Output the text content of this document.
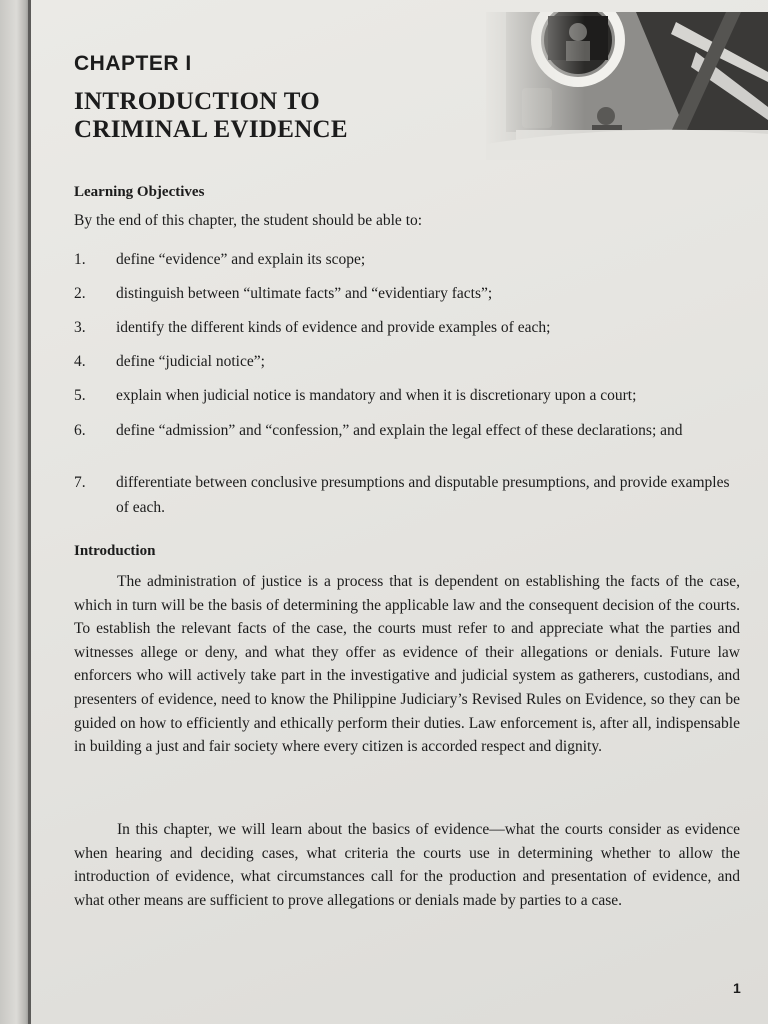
CHAPTER I
INTRODUCTION TO
CRIMINAL EVIDENCE
Learning Objectives
By the end of this chapter, the student should be able to:
1.	define “evidence” and explain its scope;
2.	distinguish between “ultimate facts” and “evidentiary facts”;
3.	identify the different kinds of evidence and provide examples of each;
4.	define “judicial notice”;
5.	explain when judicial notice is mandatory and when it is discretionary upon a court;
6.	define “admission” and “confession,” and explain the legal effect of these declarations; and
7.	differentiate between conclusive presumptions and disputable presumptions, and provide examples of each.
Introduction
The administration of justice is a process that is dependent on establishing the facts of the case, which in turn will be the basis of determining the applicable law and the consequent decision of the courts. To establish the relevant facts of the case, the courts must refer to and appreciate what the parties and witnesses allege or deny, and what they offer as evidence of their allegations or denials. Future law enforcers who will actively take part in the investigative and judicial system as gatherers, custodians, and presenters of evidence, need to know the Philippine Judiciary’s Revised Rules on Evidence, so they can be guided on how to efficiently and ethically perform their duties. Law enforcement is, after all, indispensable in building a just and fair society where every citizen is accorded respect and dignity.
In this chapter, we will learn about the basics of evidence—what the courts consider as evidence when hearing and deciding cases, what criteria the courts use in determining whether to allow the introduction of evidence, what circumstances call for the production and presentation of evidence, and what other means are sufficient to prove allegations or denials made by parties to a case.
1
